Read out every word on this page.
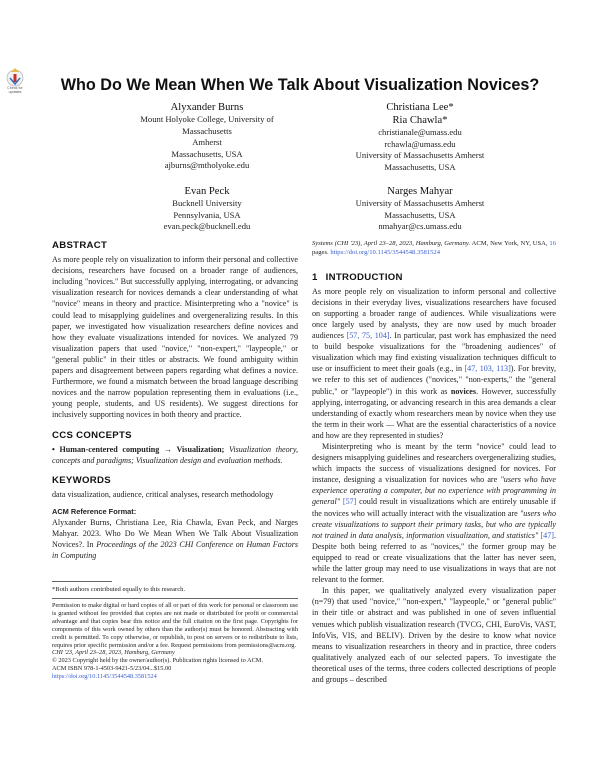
Check for updates	Who Do We Mean When We Talk About Visualization Novices?
Alyxander Burns
Mount Holyoke College, University of Massachusetts
Amherst
Massachusetts, USA
ajburns@mtholyoke.edu
Christiana Lee*
Ria Chawla*
christianale@umass.edu
rchawla@umass.edu
University of Massachusetts Amherst
Massachusetts, USA
Evan Peck
Bucknell University
Pennsylvania, USA
evan.peck@bucknell.edu
Narges Mahyar
University of Massachusetts Amherst
Massachusetts, USA
nmahyar@cs.umass.edu
ABSTRACT

As more people rely on visualization to inform their personal and collective decisions, researchers have focused on a broader range of audiences, including "novices." But successfully applying, interrogating, or advancing visualization research for novices demands a clear understanding of what "novice" means in theory and practice. Misinterpreting who a "novice" is could lead to misapplying guidelines and overgeneralizing results. In this paper, we investigated how visualization researchers define novices and how they evaluate visualizations intended for novices. We analyzed 79 visualization papers that used "novice," "non-expert," "laypeople," or "general public" in their titles or abstracts. We found ambiguity within papers and disagreement between papers regarding what defines a novice. Furthermore, we found a mismatch between the broad language describing novices and the narrow population representing them in evaluations (i.e., young people, students, and US residents). We suggest directions for inclusively supporting novices in both theory and practice.

CCS CONCEPTS

• Human-centered computing → Visualization; Visualization theory, concepts and paradigms; Visualization design and evaluation methods.

KEYWORDS

data visualization, audience, critical analyses, research methodology

ACM Reference Format:

Alyxander Burns, Christiana Lee, Ria Chawla, Evan Peck, and Narges Mahyar. 2023. Who Do We Mean When We Talk About Visualization Novices?. In Proceedings of the 2023 CHI Conference on Human Factors in Computing

*Both authors contributed equally to this research.
Permission to make digital or hard copies of all or part of this work for personal or classroom use is granted without fee provided that copies are not made or distributed for profit or commercial advantage and that copies bear this notice and the full citation on the first page. Copyrights for components of this work owned by others than the author(s) must be honored. Abstracting with credit is permitted. To copy otherwise, or republish, to post on servers or to redistribute to lists, requires prior specific permission and/or a fee. Request permissions from permissions@acm.org.
CHI '23, April 23–28, 2023, Hamburg, Germany
© 2023 Copyright held by the owner/author(s). Publication rights licensed to ACM.
ACM ISBN 978-1-4503-9421-5/23/04...$15.00
https://doi.org/10.1145/3544548.3581524

Systems (CHI '23), April 23–28, 2023, Hamburg, Germany. ACM, New York, NY, USA, 16 pages. https://doi.org/10.1145/3544548.3581524

1 INTRODUCTION

As more people rely on visualization to inform personal and collective decisions in their everyday lives, visualizations researchers have focused on supporting a broader range of audiences. While visualizations were once largely used by analysts, they are now used by much broader audiences [57, 75, 104]. In particular, past work has emphasized the need to build bespoke visualizations for the "broadening audiences" of visualization which may find existing visualization techniques difficult to use or insufficient to meet their goals (e.g., in [47, 103, 113]). For brevity, we refer to this set of audiences ("novices," "non-experts," the "general public," or "laypeople") in this work as novices. However, successfully applying, interrogating, or advancing research in this area demands a clear understanding of exactly whom researchers mean by novice when they use the term in their work — What are the essential characteristics of a novice and how are they represented in studies?

Misinterpreting who is meant by the term "novice" could lead to designers misapplying guidelines and researchers overgeneralizing studies, which impacts the success of visualizations designed for novices. For instance, designing a visualization for novices who are "users who have experience operating a computer, but no experience with programming in general" [57] could result in visualizations which are entirely unusable if the novices who will actually interact with the visualization are "users who create visualizations to support their primary tasks, but who are typically not trained in data analysis, information visualization, and statistics" [47]. Despite both being referred to as "novices," the former group may be equipped to read or create visualizations that the latter has never seen, while the latter group may need to use visualizations in ways that are not relevant to the former.

In this paper, we qualitatively analyzed every visualization paper (n=79) that used "novice," "non-expert," "laypeople," or "general public" in their title or abstract and was published in one of seven influential venues which publish visualization research (TVCG, CHI, EuroVis, VAST, InfoVis, VIS, and BELIV). Driven by the desire to know what novice means to visualization researchers in theory and in practice, three coders qualitatively analyzed each of our selected papers. To investigate the theoretical uses of the terms, three coders collected descriptions of people and groups – described
